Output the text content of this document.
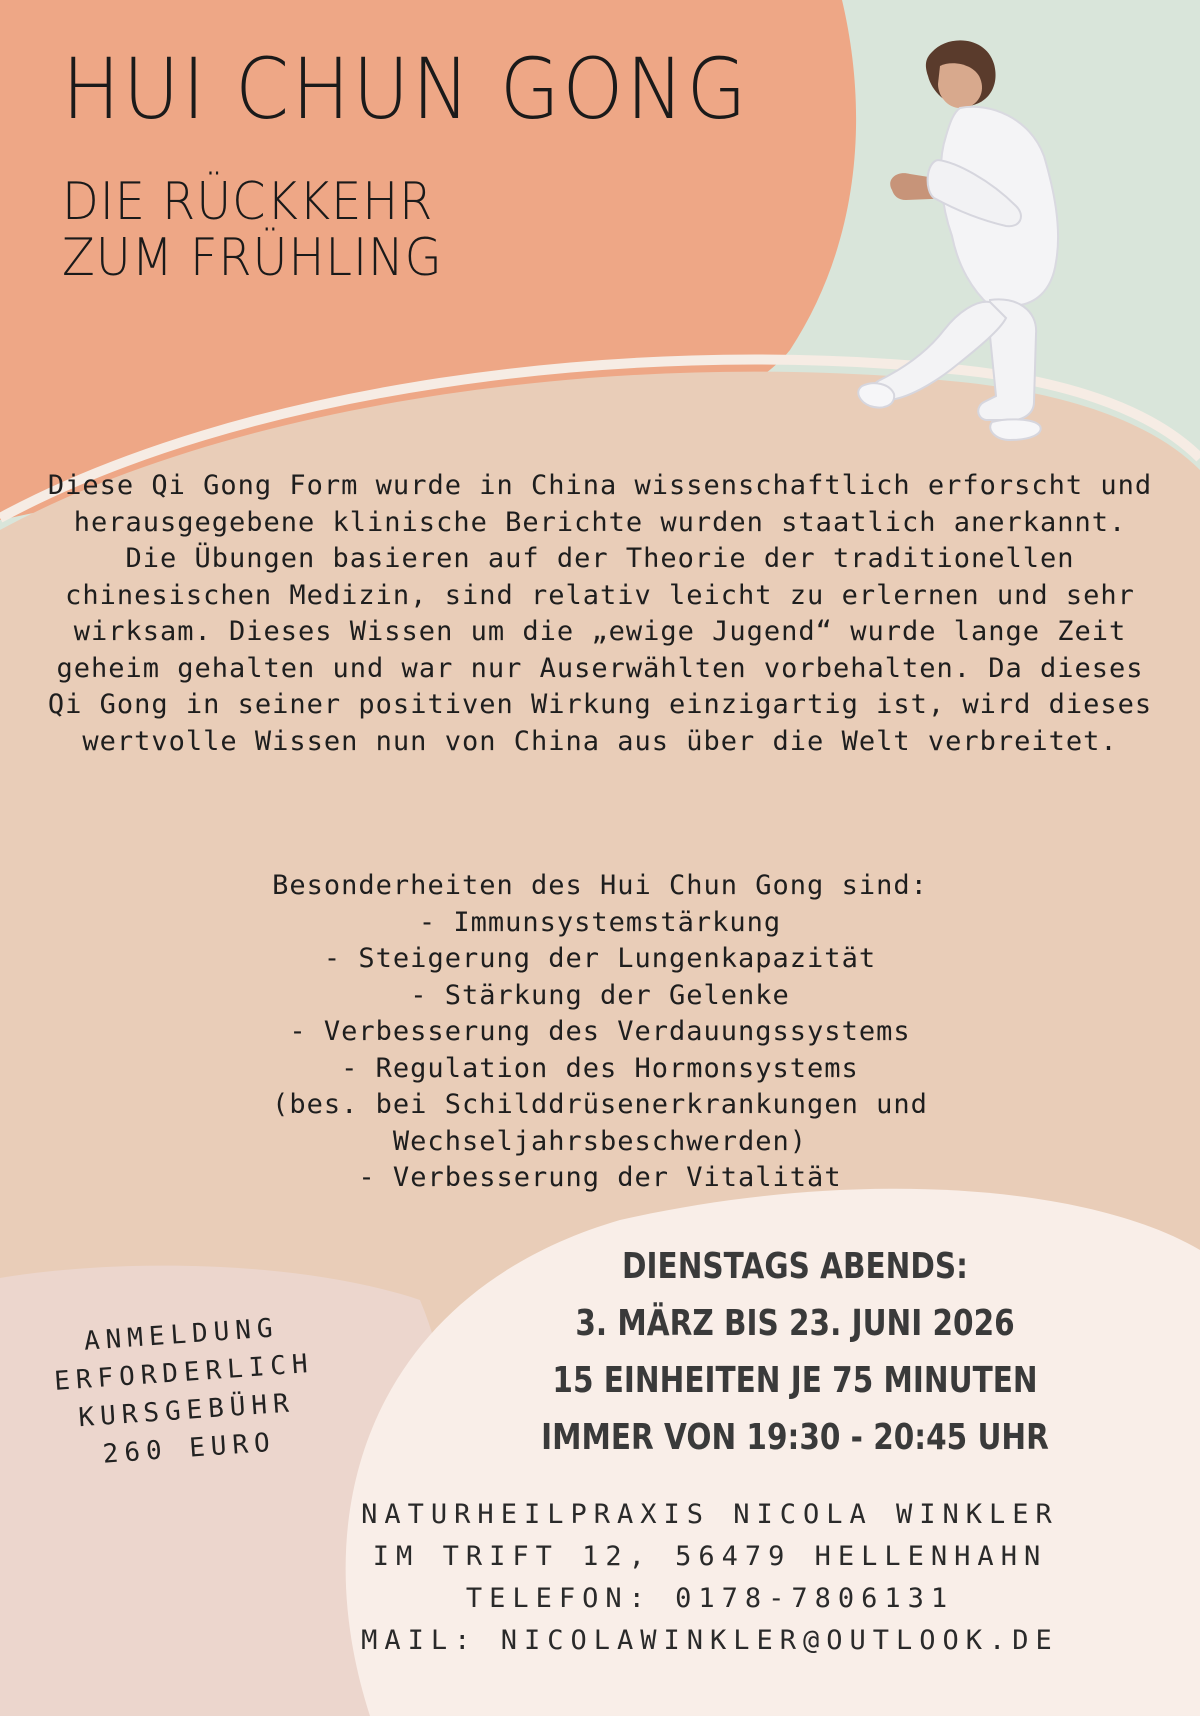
HUI CHUN GONG
DIE RÜCKKEHR
ZUM FRÜHLING

Diese Qi Gong Form wurde in China wissenschaftlich erforscht und herausgegebene klinische Berichte wurden staatlich anerkannt.

Die Übungen basieren auf der Theorie der traditionellen chinesischen Medizin, sind relativ leicht zu erlernen und sehr wirksam. Dieses Wissen um die „ewige Jugend“ wurde lange Zeit geheim gehalten und war nur Auserwählten vorbehalten. Da dieses Qi Gong in seiner positiven Wirkung einzigartig ist, wird dieses wertvolle Wissen nun von China aus über die Welt verbreitet.

Besonderheiten des Hui Chun Gong sind:

- Immunsystemstärkung
- Steigerung der Lungenkapazität
- Stärkung der Gelenke
- Verbesserung des Verdauungssystems
- Regulation des Hormonsystems
(bes. bei Schilddrüsenerkrankungen und
Wechseljahrsbeschwerden)
- Verbesserung der Vitalität
DIENSTAGS ABENDS:
3. MÄRZ BIS 23. JUNI 2026
15 EINHEITEN JE 75 MINUTEN
IMMER VON 19:30 - 20:45 UHR
ANMELDUNG
ERFORDERLICH
KURSGEBÜHR
260 EURO
NATURHEILPRAXIS NICOLA WINKLER
IM TRIFT 12, 56479 HELLENHAHN
TELEFON: 0178-7806131
MAIL: NICOLAWINKLER@OUTLOOK.DE
